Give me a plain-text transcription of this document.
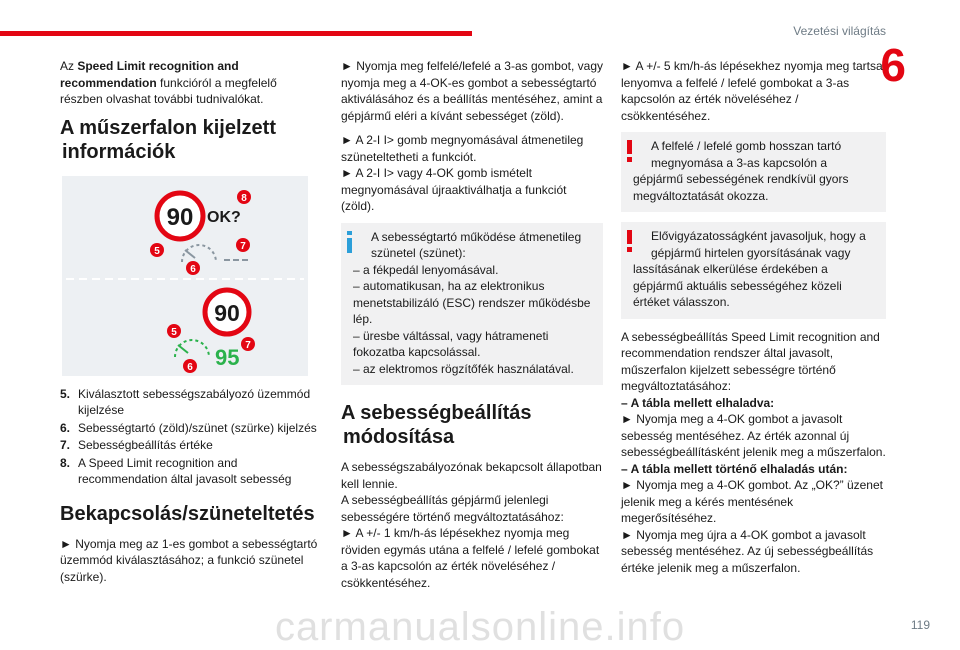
Vezetési világítás
6

Az Speed Limit recognition and recommendation funkcióról a megfelelő részben olvashat további tudnivalókat.

A műszerfalon kijelzett
információk
90 OK?
8
5	7
6
90
5
95 7
6
5. Kiválasztott sebességszabályozó üzemmód kijelzése
6. Sebességtartó (zöld)/szünet (szürke) kijelzés
7. Sebességbeállítás értéke
8. A Speed Limit recognition and recommendation által javasolt sebesség
Bekapcsolás/szüneteltetés

► Nyomja meg az 1-es gombot a sebességtartó üzemmód kiválasztásához; a funkció szünetel (szürke).

► Nyomja meg felfelé/lefelé a 3-as gombot, vagy nyomja meg a 4-OK-es gombot a sebességtartó aktiválásához és a beállítás mentéséhez, amint a gépjármű eléri a kívánt sebességet (zöld).

► A 2-I I> gomb megnyomásával átmenetileg szüneteltetheti a funkciót.

► A 2-I I> vagy 4-OK gomb ismételt megnyomásával újraaktiválhatja a funkciót (zöld).

A sebességtartó működése átmenetileg szünetel (szünet):
– a fékpedál lenyomásával.
– automatikusan, ha az elektronikus menetstabilizáló (ESC) rendszer működésbe lép.
– üresbe váltással, vagy hátrameneti fokozatba kapcsolással.
– az elektromos rögzítőfék használatával.
A sebességbeállítás
módosítása

A sebességszabályozónak bekapcsolt állapotban kell lennie.

A sebességbeállítás gépjármű jelenlegi sebességére történő megváltoztatásához:

► A +/- 1 km/h-ás lépésekhez nyomja meg röviden egymás utána a felfelé / lefelé gombokat a 3-as kapcsolón az érték növeléséhez / csökkentéséhez.

► A +/- 5 km/h-ás lépésekhez nyomja meg tartsa lenyomva a felfelé / lefelé gombokat a 3-as kapcsolón az érték növeléséhez / csökkentéséhez.

A felfelé / lefelé gomb hosszan tartó megnyomása a 3-as kapcsolón a
gépjármű sebességének rendkívül gyors megváltoztatását okozza.
Elővigyázatosságként javasoljuk, hogy a gépjármű hirtelen gyorsításának vagy
lassításának elkerülése érdekében a gépjármű aktuális sebességéhez közeli értéket válasszon.

A sebességbeállítás Speed Limit recognition and recommendation rendszer által javasolt, műszerfalon kijelzett sebességre történő megváltoztatásához:

– A tábla mellett elhaladva:

► Nyomja meg a 4-OK gombot a javasolt sebesség mentéséhez. Az érték azonnal új sebességbeállításként jelenik meg a műszerfalon.

– A tábla mellett történő elhaladás után:

► Nyomja meg a 4-OK gombot. Az „OK?” üzenet jelenik meg a kérés mentésének megerősítéséhez.

► Nyomja meg újra a 4-OK gombot a javasolt sebesség mentéséhez. Az új sebességbeállítás értéke jelenik meg a műszerfalon.

119
carmanualsonline.info
